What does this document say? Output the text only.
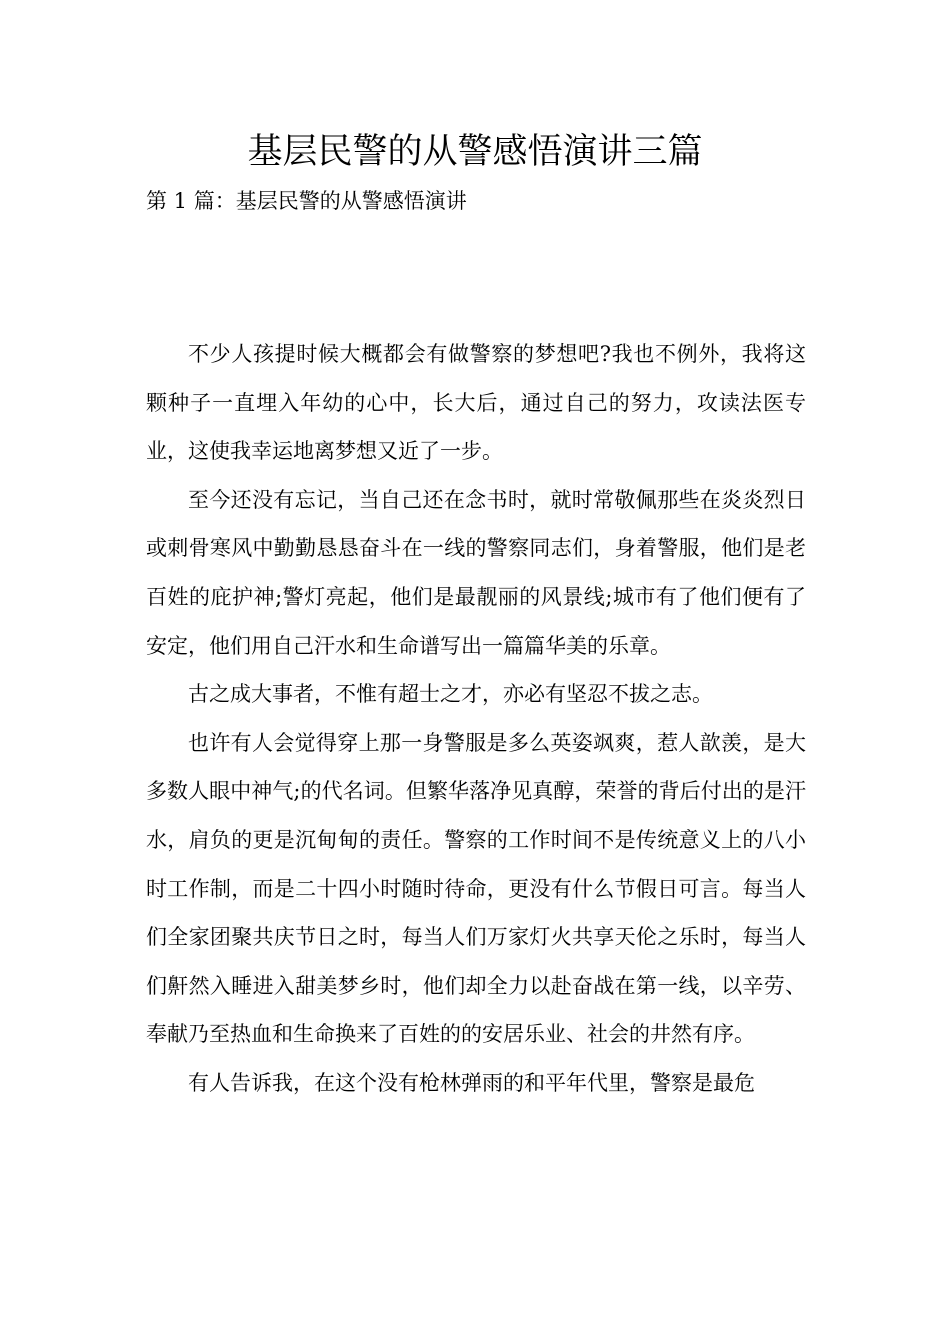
基层民警的从警感悟演讲三篇

第 1 篇：基层民警的从警感悟演讲

不少人孩提时候大概都会有做警察的梦想吧?我也不例外，我将这颗种子一直埋入年幼的心中，长大后，通过自己的努力，攻读法医专业，这使我幸运地离梦想又近了一步。

至今还没有忘记，当自己还在念书时，就时常敬佩那些在炎炎烈日或刺骨寒风中勤勤恳恳奋斗在一线的警察同志们，身着警服，他们是老百姓的庇护神;警灯亮起，他们是最靓丽的风景线;城市有了他们便有了安定，他们用自己汗水和生命谱写出一篇篇华美的乐章。

古之成大事者，不惟有超士之才，亦必有坚忍不拔之志。

也许有人会觉得穿上那一身警服是多么英姿飒爽，惹人歆羡，是大多数人眼中神气;的代名词。但繁华落净见真醇，荣誉的背后付出的是汗水，肩负的更是沉甸甸的责任。警察的工作时间不是传统意义上的八小时工作制，而是二十四小时随时待命，更没有什么节假日可言。每当人们全家团聚共庆节日之时，每当人们万家灯火共享天伦之乐时，每当人们鼾然入睡进入甜美梦乡时，他们却全力以赴奋战在第一线，以辛劳、奉献乃至热血和生命换来了百姓的的安居乐业、社会的井然有序。

有人告诉我，在这个没有枪林弹雨的和平年代里，警察是最危
